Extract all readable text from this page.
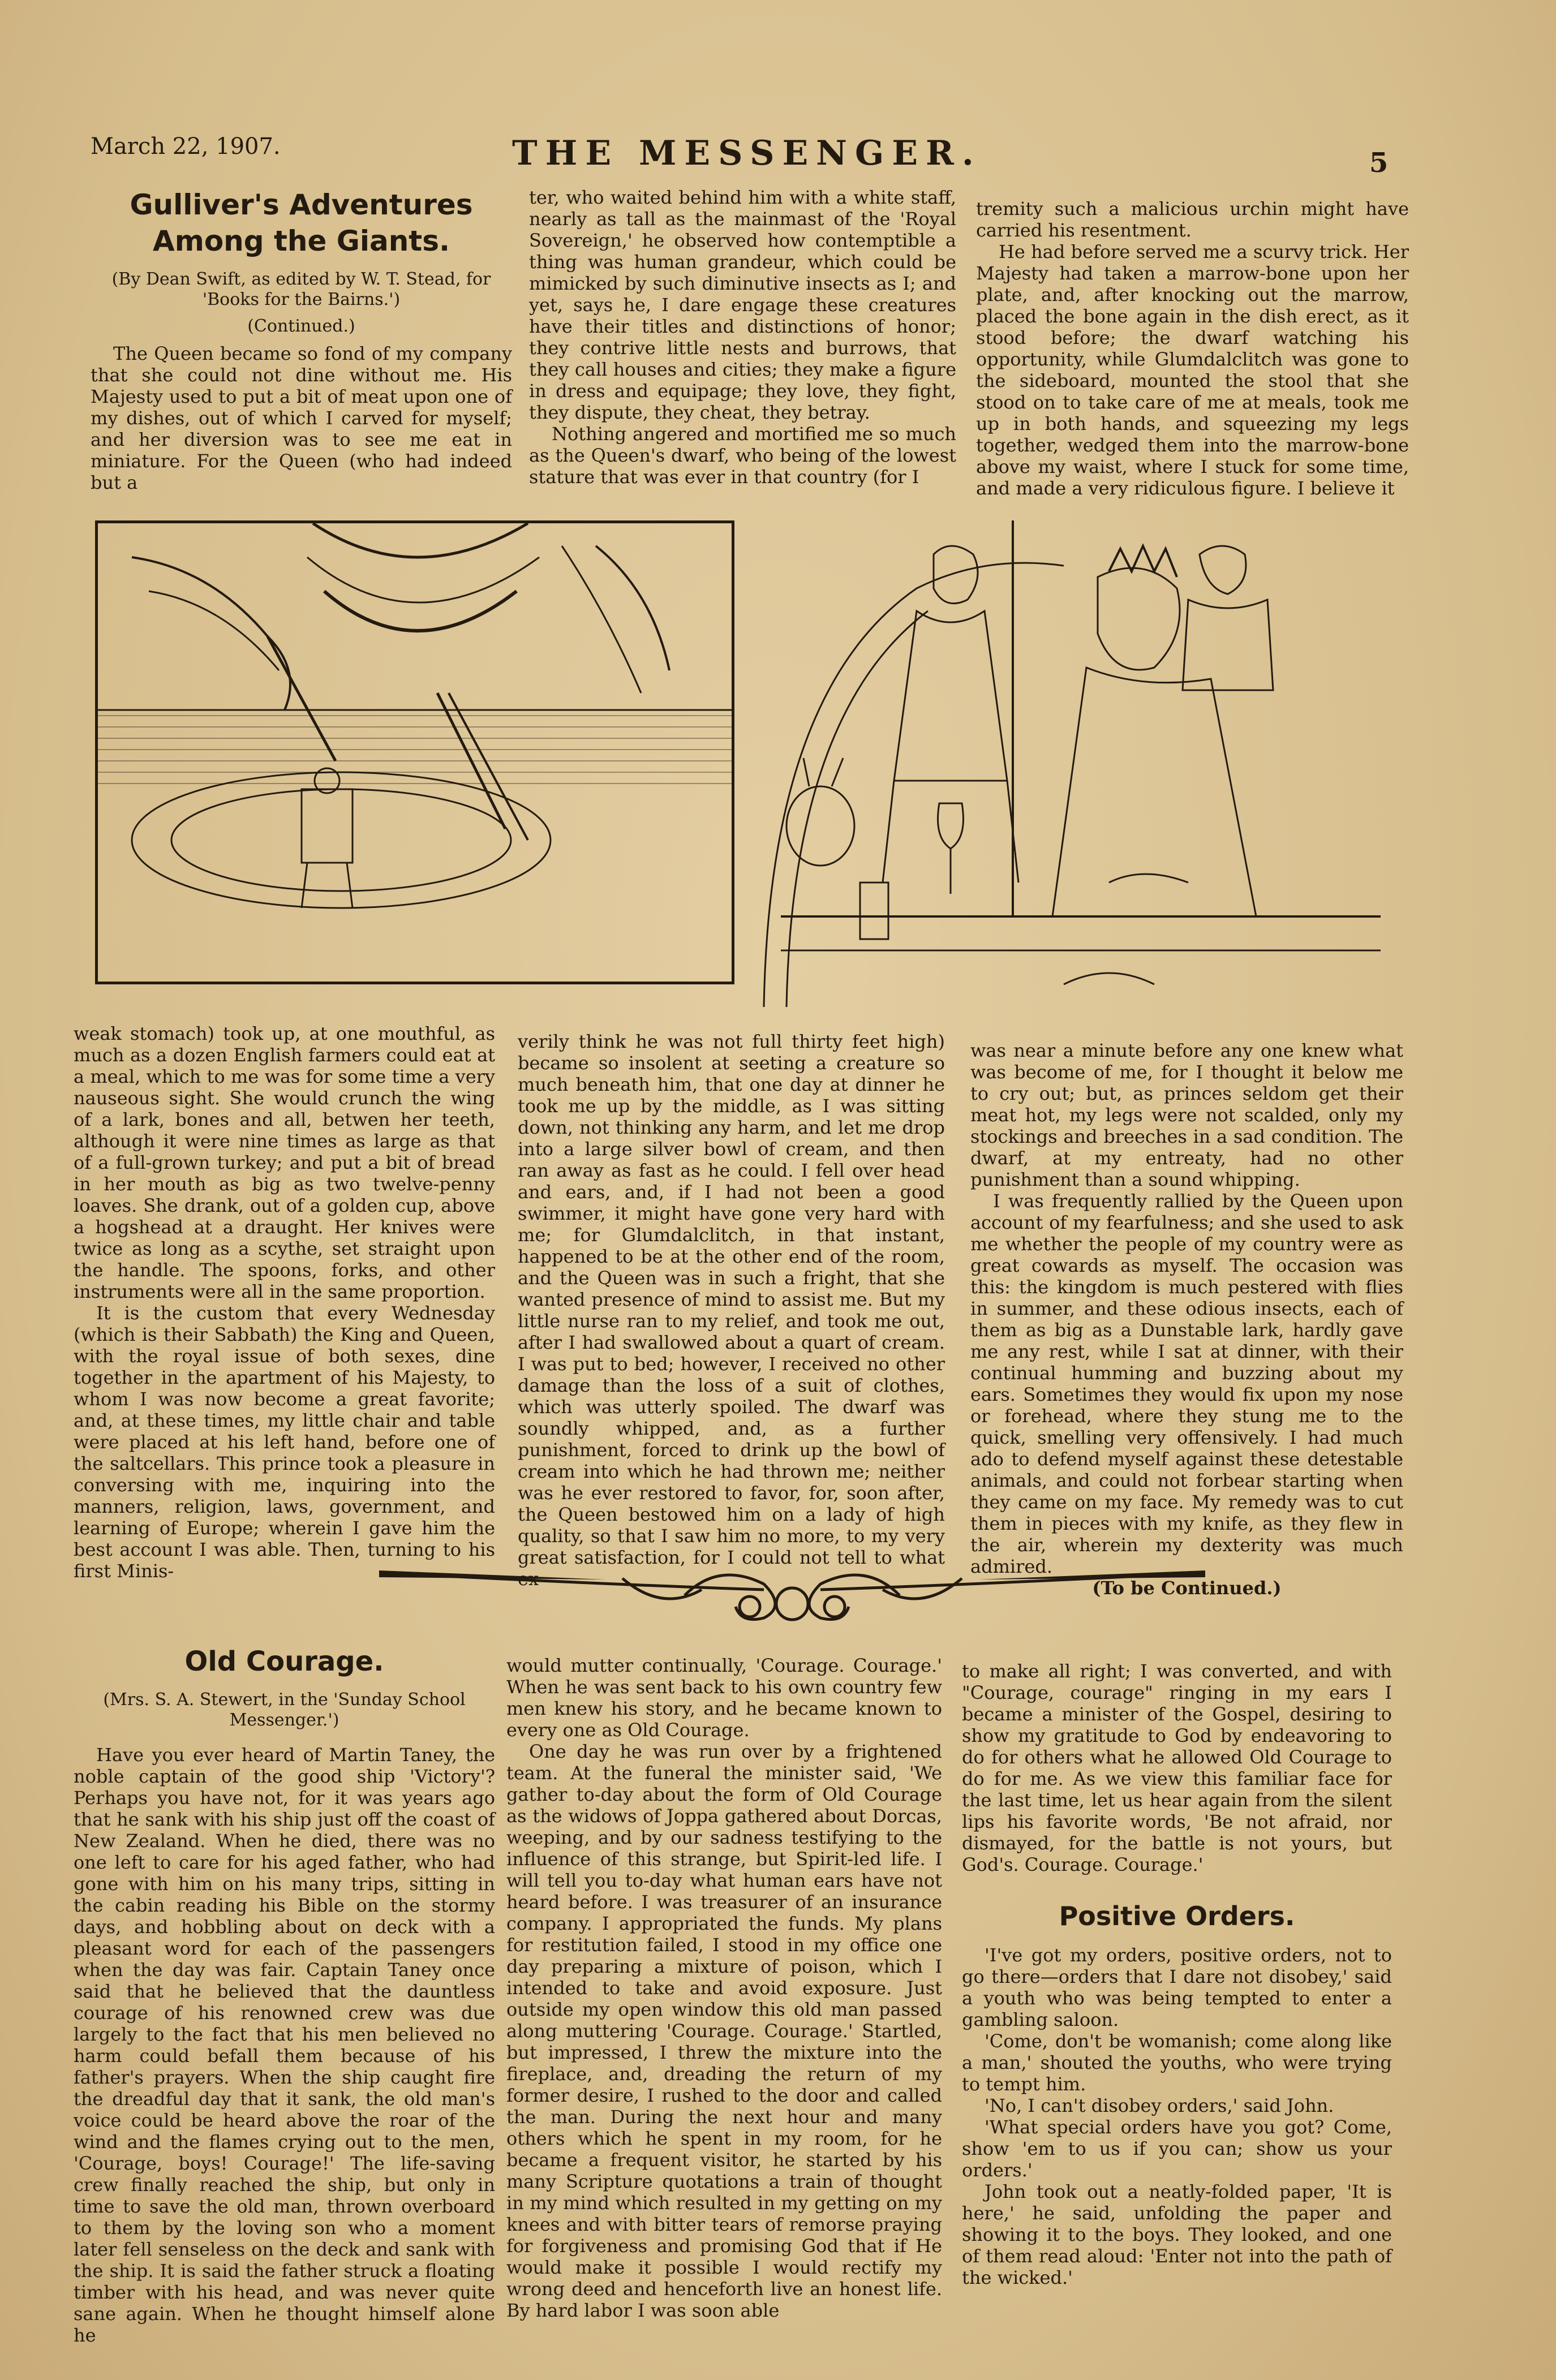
March 22, 1907.	THE MESSENGER.	5
Gulliver's Adventures Among the Giants.
(By Dean Swift, as edited by W. T. Stead, for 'Books for the Bairns.')
(Continued.)

The Queen became so fond of my company that she could not dine without me. His Majesty used to put a bit of meat upon one of my dishes, out of which I carved for myself; and her diversion was to see me eat in miniature. For the Queen (who had indeed but a

ter, who waited behind him with a white staff, nearly as tall as the mainmast of the 'Royal Sovereign,' he observed how contemptible a thing was human grandeur, which could be mimicked by such diminutive insects as I; and yet, says he, I dare engage these creatures have their titles and distinctions of honor; they contrive little nests and burrows, that they call houses and cities; they make a figure in dress and equipage; they love, they fight, they dispute, they cheat, they betray.

Nothing angered and mortified me so much as the Queen's dwarf, who being of the lowest stature that was ever in that country (for I

tremity such a malicious urchin might have carried his resentment.

He had before served me a scurvy trick. Her Majesty had taken a marrow-bone upon her plate, and, after knocking out the marrow, placed the bone again in the dish erect, as it stood before; the dwarf watching his opportunity, while Glumdalclitch was gone to the sideboard, mounted the stool that she stood on to take care of me at meals, took me up in both hands, and squeezing my legs together, wedged them into the marrow-bone above my waist, where I stuck for some time, and made a very ridiculous figure. I believe it

weak stomach) took up, at one mouthful, as much as a dozen English farmers could eat at a meal, which to me was for some time a very nauseous sight. She would crunch the wing of a lark, bones and all, betwen her teeth, although it were nine times as large as that of a full-grown turkey; and put a bit of bread in her mouth as big as two twelve-penny loaves. She drank, out of a golden cup, above a hogshead at a draught. Her knives were twice as long as a scythe, set straight upon the handle. The spoons, forks, and other instruments were all in the same proportion.

It is the custom that every Wednesday (which is their Sabbath) the King and Queen, with the royal issue of both sexes, dine together in the apartment of his Majesty, to whom I was now become a great favorite; and, at these times, my little chair and table were placed at his left hand, before one of the saltcellars. This prince took a pleasure in conversing with me, inquiring into the manners, religion, laws, government, and learning of Europe; wherein I gave him the best account I was able. Then, turning to his first Minis-

verily think he was not full thirty feet high) became so insolent at seeting a creature so much beneath him, that one day at dinner he took me up by the middle, as I was sitting down, not thinking any harm, and let me drop into a large silver bowl of cream, and then ran away as fast as he could. I fell over head and ears, and, if I had not been a good swimmer, it might have gone very hard with me; for Glumdalclitch, in that instant, happened to be at the other end of the room, and the Queen was in such a fright, that she wanted presence of mind to assist me. But my little nurse ran to my relief, and took me out, after I had swallowed about a quart of cream. I was put to bed; however, I received no other damage than the loss of a suit of clothes, which was utterly spoiled. The dwarf was soundly whipped, and, as a further punishment, forced to drink up the bowl of cream into which he had thrown me; neither was he ever restored to favor, for, soon after, the Queen bestowed him on a lady of high quality, so that I saw him no more, to my very great satisfaction, for I could not tell to what ex-

was near a minute before any one knew what was become of me, for I thought it below me to cry out; but, as princes seldom get their meat hot, my legs were not scalded, only my stockings and breeches in a sad condition. The dwarf, at my entreaty, had no other punishment than a sound whipping.

I was frequently rallied by the Queen upon account of my fearfulness; and she used to ask me whether the people of my country were as great cowards as myself. The occasion was this: the kingdom is much pestered with flies in summer, and these odious insects, each of them as big as a Dunstable lark, hardly gave me any rest, while I sat at dinner, with their continual humming and buzzing about my ears. Sometimes they would fix upon my nose or forehead, where they stung me to the quick, smelling very offensively. I had much ado to defend myself against these detestable animals, and could not forbear starting when they came on my face. My remedy was to cut them in pieces with my knife, as they flew in the air, wherein my dexterity was much admired.

(To be Continued.)

Old Courage.
(Mrs. S. A. Stewert, in the 'Sunday School Messenger.')

Have you ever heard of Martin Taney, the noble captain of the good ship 'Victory'? Perhaps you have not, for it was years ago that he sank with his ship just off the coast of New Zealand. When he died, there was no one left to care for his aged father, who had gone with him on his many trips, sitting in the cabin reading his Bible on the stormy days, and hobbling about on deck with a pleasant word for each of the passengers when the day was fair. Captain Taney once said that he believed that the dauntless courage of his renowned crew was due largely to the fact that his men believed no harm could befall them because of his father's prayers. When the ship caught fire the dreadful day that it sank, the old man's voice could be heard above the roar of the wind and the flames crying out to the men, 'Courage, boys! Courage!' The life-saving crew finally reached the ship, but only in time to save the old man, thrown overboard to them by the loving son who a moment later fell senseless on the deck and sank with the ship. It is said the father struck a floating timber with his head, and was never quite sane again. When he thought himself alone he

would mutter continually, 'Courage. Courage.' When he was sent back to his own country few men knew his story, and he became known to every one as Old Courage.

One day he was run over by a frightened team. At the funeral the minister said, 'We gather to-day about the form of Old Courage as the widows of Joppa gathered about Dorcas, weeping, and by our sadness testifying to the influence of this strange, but Spirit-led life. I will tell you to-day what human ears have not heard before. I was treasurer of an insurance company. I appropriated the funds. My plans for restitution failed, I stood in my office one day preparing a mixture of poison, which I intended to take and avoid exposure. Just outside my open window this old man passed along muttering 'Courage. Courage.' Startled, but impressed, I threw the mixture into the fireplace, and, dreading the return of my former desire, I rushed to the door and called the man. During the next hour and many others which he spent in my room, for he became a frequent visitor, he started by his many Scripture quotations a train of thought in my mind which resulted in my getting on my knees and with bitter tears of remorse praying for forgiveness and promising God that if He would make it possible I would rectify my wrong deed and henceforth live an honest life. By hard labor I was soon able

to make all right; I was converted, and with "Courage, courage" ringing in my ears I became a minister of the Gospel, desiring to show my gratitude to God by endeavoring to do for others what he allowed Old Courage to do for me. As we view this familiar face for the last time, let us hear again from the silent lips his favorite words, 'Be not afraid, nor dismayed, for the battle is not yours, but God's. Courage. Courage.'

Positive Orders.

'I've got my orders, positive orders, not to go there—orders that I dare not disobey,' said a youth who was being tempted to enter a gambling saloon.

'Come, don't be womanish; come along like a man,' shouted the youths, who were trying to tempt him.

'No, I can't disobey orders,' said John.

'What special orders have you got? Come, show 'em to us if you can; show us your orders.'

John took out a neatly-folded paper, 'It is here,' he said, unfolding the paper and showing it to the boys. They looked, and one of them read aloud: 'Enter not into the path of the wicked.'
